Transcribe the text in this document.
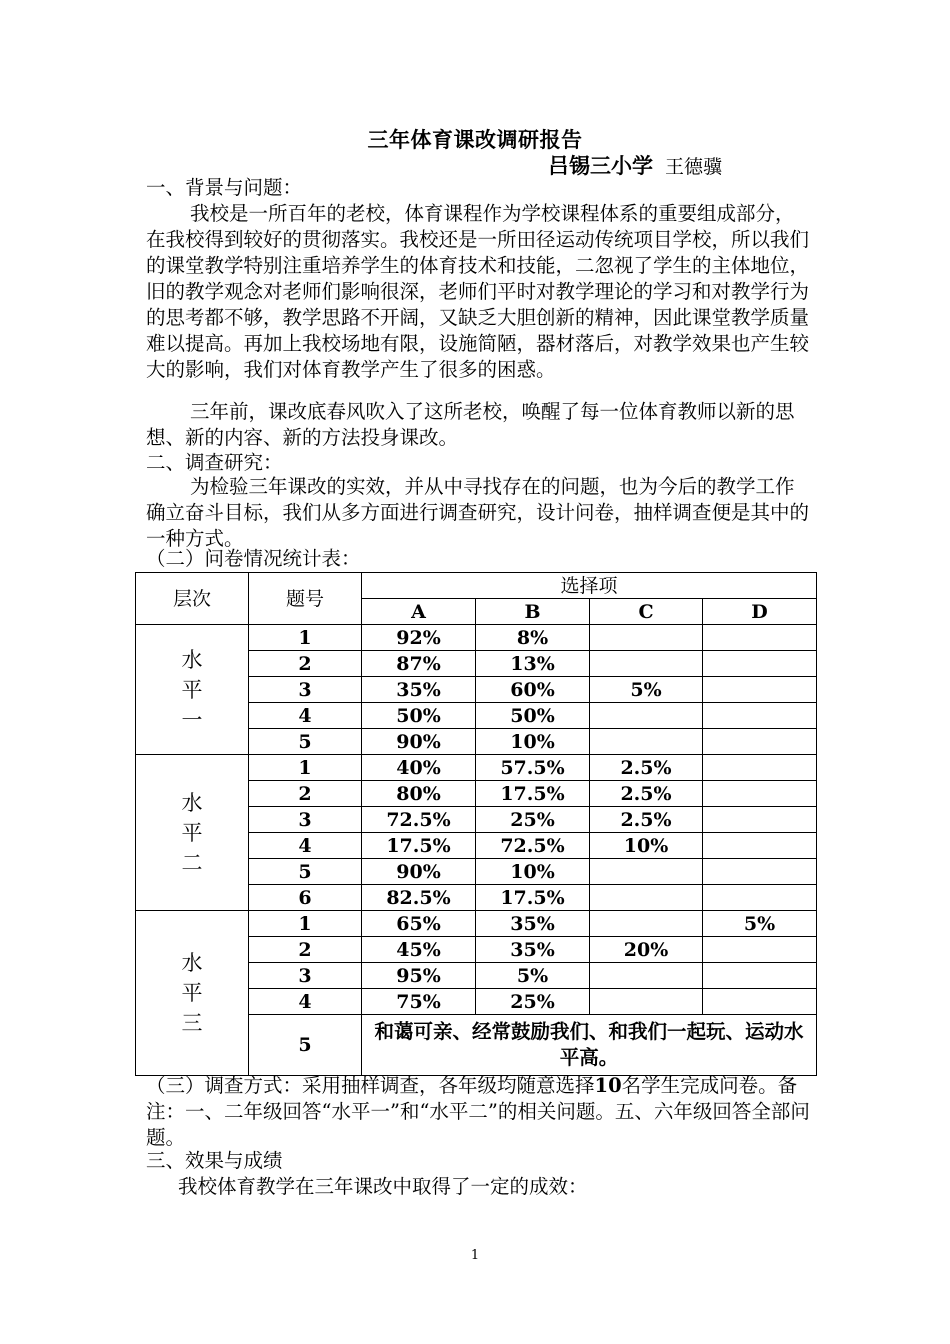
三年体育课改调研报告
吕锡三小学 王德骥
一、背景与问题：
我校是一所百年的老校，体育课程作为学校课程体系的重要组成部分，在我校得到较好的贯彻落实。我校还是一所田径运动传统项目学校，所以我们的课堂教学特别注重培养学生的体育技术和技能，二忽视了学生的主体地位，旧的教学观念对老师们影响很深，老师们平时对教学理论的学习和对教学行为的思考都不够，教学思路不开阔，又缺乏大胆创新的精神，因此课堂教学质量难以提高。再加上我校场地有限，设施简陋，器材落后，对教学效果也产生较大的影响，我们对体育教学产生了很多的困惑。
三年前，课改底春风吹入了这所老校，唤醒了每一位体育教师以新的思想、新的内容、新的方法投身课改。
二、调查研究：
为检验三年课改的实效，并从中寻找存在的问题，也为今后的教学工作确立奋斗目标，我们从多方面进行调查研究，设计问卷，抽样调查便是其中的一种方式。
（二）问卷情况统计表：
层次	题号	选择项			
		A	B	C	D

水
平
一	1	92%	8%		
	2	87%	13%		
	3	35%	60%	5%	
	4	50%	50%		
	5	90%	10%		

水
平
二	1	40%	57.5%	2.5%	
	2	80%	17.5%	2.5%	
	3	72.5%	25%	2.5%	
	4	17.5%	72.5%	10%	
	5	90%	10%		
	6	82.5%	17.5%		

水
平
三	1	65%	35%		5%
	2	45%	35%	20%	
	3	95%	5%		
	4	75%	25%		
	5	和蔼可亲、经常鼓励我们、和我们一起玩、运动水平高。			
（三）调查方式：采用抽样调查，各年级均随意选择10名学生完成问卷。备注：一、二年级回答“水平一”和“水平二”的相关问题。五、六年级回答全部问题。
三、效果与成绩
我校体育教学在三年课改中取得了一定的成效：
1
